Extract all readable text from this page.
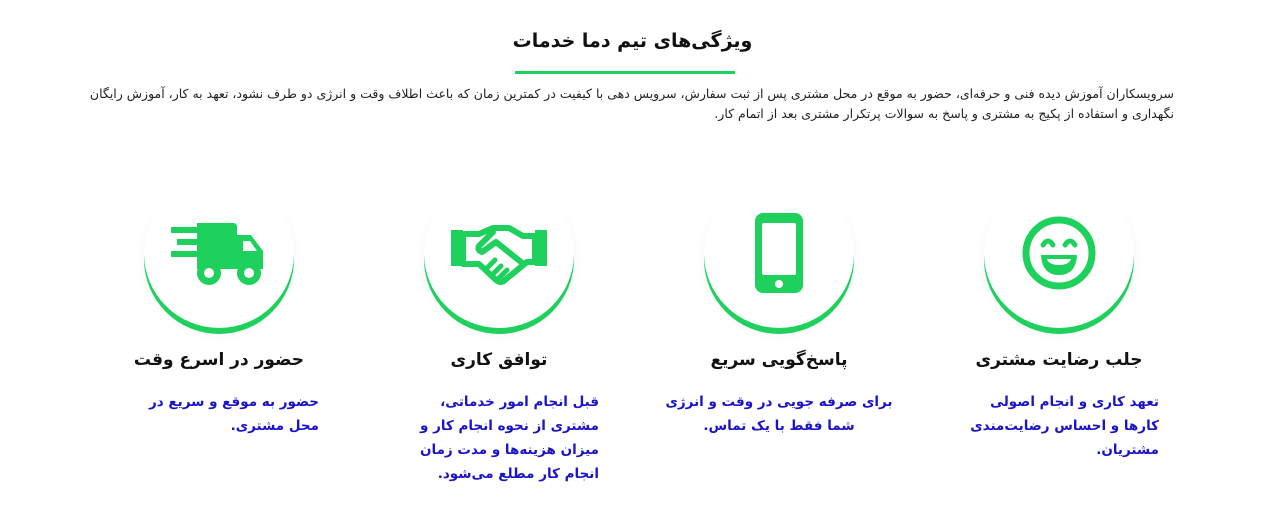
ویژگی‌های تیم دما خدمات

سرویسکاران آموزش دیده فنی و حرفه‌ای، حضور به موقع در محل مشتری پس از ثبت سفارش، سرویس دهی با کیفیت در کمترین زمان که باعث اطلاف وقت و انرژی دو طرف نشود، تعهد به کار، آموزش رایگان نگهداری و استفاده از پکیج به مشتری و پاسخ به سوالات پرتکرار مشتری بعد از اتمام کار.

جلب رضایت مشتری

تعهد کاری و انجام اصولی کارها و احساس رضایت‌مندی مشتریان.

پاسخ‌گویی سریع

برای صرفه جویی در وقت و انرژی شما فقط با یک تماس.

توافق کاری

قبل انجام امور خدماتی، مشتری از نحوه انجام کار و میزان هزینه‌ها و مدت زمان انجام کار مطلع می‌شود.

حضور در اسرع وقت

حضور به موقع و سریع در محل مشتری.
